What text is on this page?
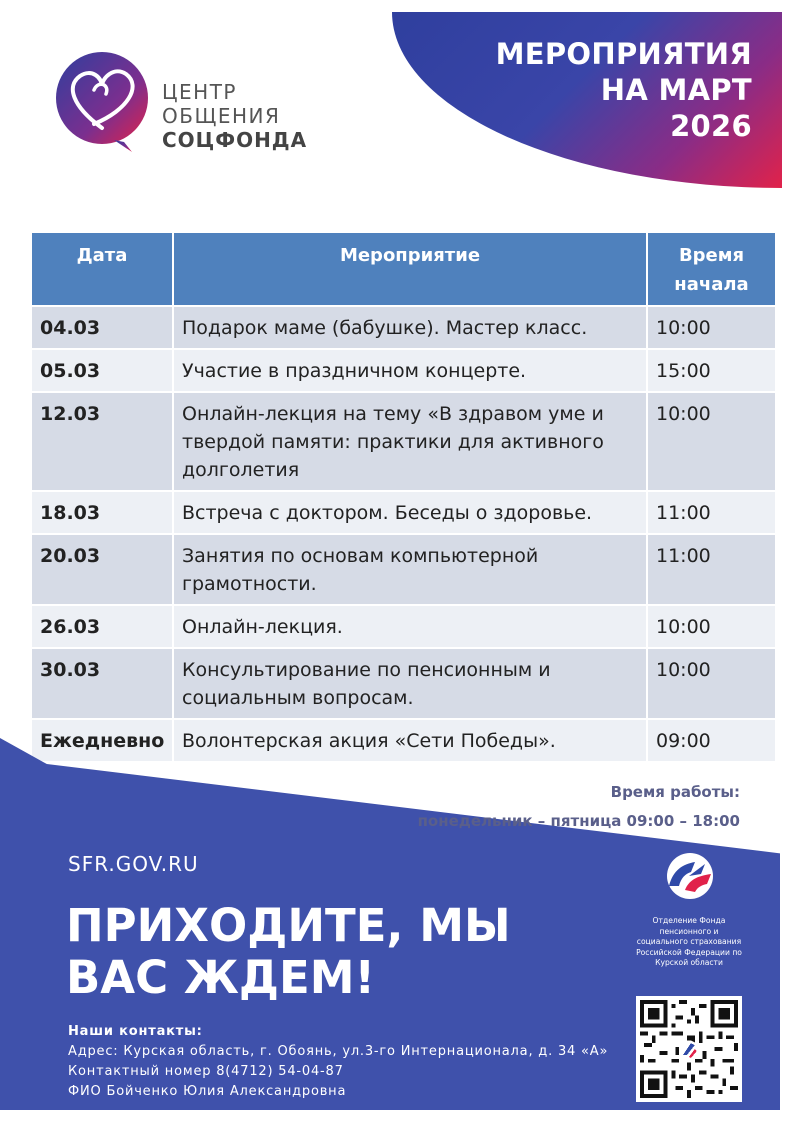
МЕРОПРИЯТИЯ
НА МАРТ
2026
ЦЕНТР
ОБЩЕНИЯ
СОЦФОНДА
Дата	Мероприятие	Время
начала
04.03	Подарок маме (бабушке). Мастер класс.	10:00
05.03	Участие в праздничном концерте.	15:00
12.03	Онлайн-лекция на тему «В здравом уме и твердой памяти: практики для активного долголетия	10:00
18.03	Встреча с доктором. Беседы о здоровье.	11:00
20.03	Занятия по основам компьютерной грамотности.	11:00
26.03	Онлайн-лекция.	10:00
30.03	Консультирование по пенсионным и социальным вопросам.	10:00
Ежедневно	Волонтерская акция «Сети Победы».	09:00
Время работы:
понедельник – пятница 09:00 – 18:00
SFR.GOV.RU
ПРИХОДИТЕ, МЫ
ВАС ЖДЕМ!
Наши контакты:
Адрес: Курская область, г. Обоянь, ул.3-го Интернационала, д. 34 «А»
Контактный номер 8(4712) 54-04-87
ФИО Бойченко Юлия Александровна
Отделение Фонда пенсионного и социального страхования Российской Федерации по Курской области
